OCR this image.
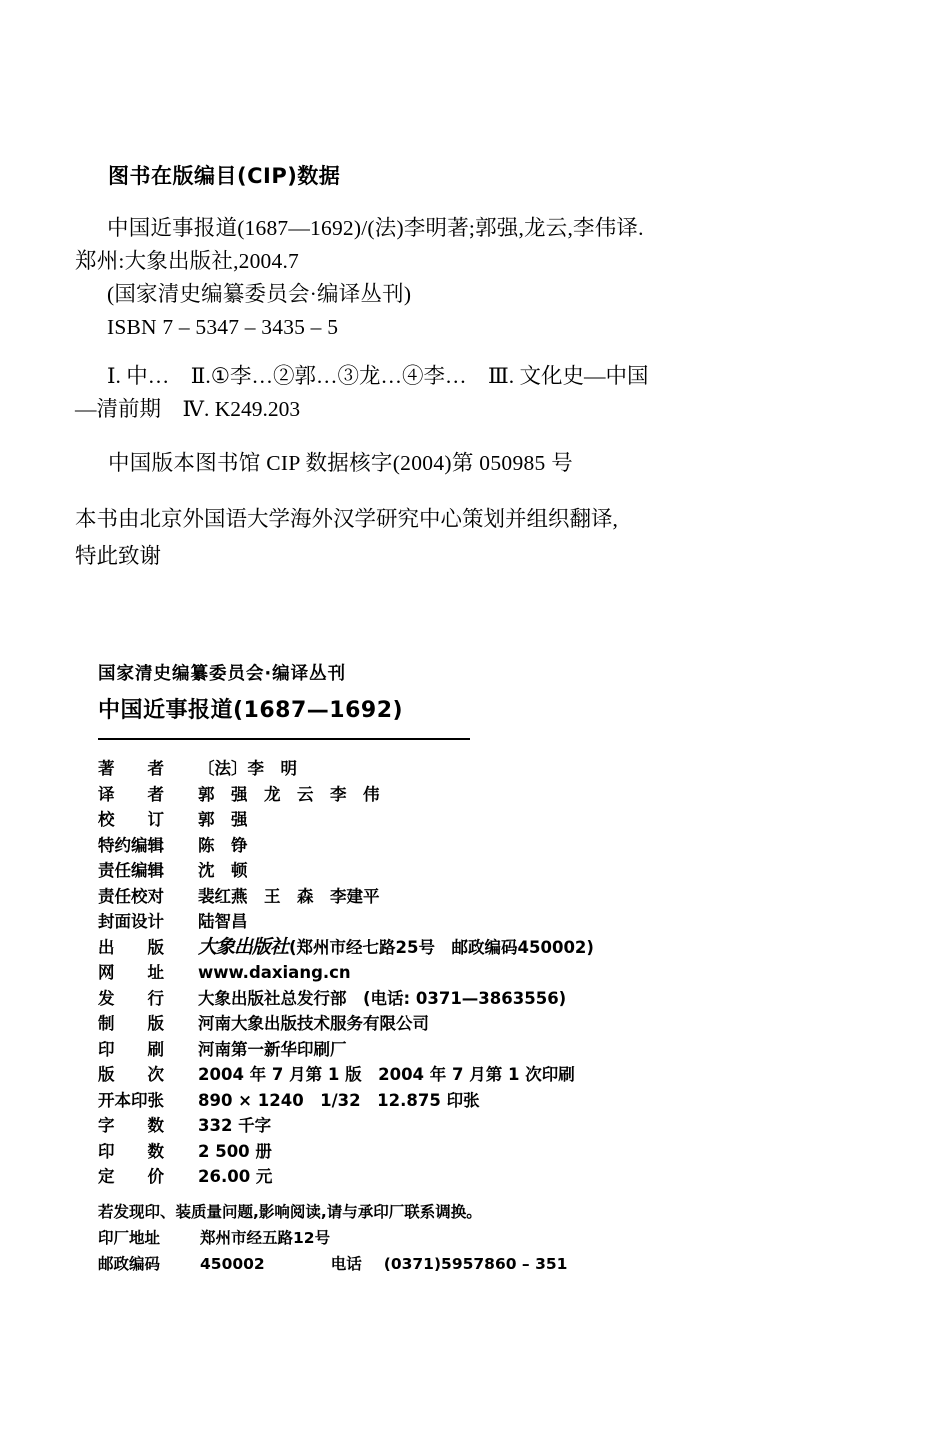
图书在版编目(CIP)数据
中国近事报道(1687—1692)/(法)李明著;郭强,龙云,李伟译.
郑州:大象出版社,2004.7
(国家清史编纂委员会·编译丛刊)
ISBN 7 – 5347 – 3435 – 5
Ⅰ. 中…　Ⅱ.①李…②郭…③龙…④李…　Ⅲ. 文化史—中国
—清前期　Ⅳ. K249.203
中国版本图书馆 CIP 数据核字(2004)第 050985 号
本书由北京外国语大学海外汉学研究中心策划并组织翻译,
特此致谢
国家清史编纂委员会·编译丛刊
中国近事报道(1687—1692)
著　　者	〔法〕李　明
译　　者	郭　强　龙　云　李　伟
校　　订	郭　强
特约编辑	陈　铮
责任编辑	沈　顿
责任校对	裴红燕　王　森　李建平
封面设计	陆智昌
出　　版	大象出版社(郑州市经七路25号　邮政编码450002)
网　　址	www.daxiang.cn
发　　行	大象出版社总发行部　(电话: 0371—3863556)
制　　版	河南大象出版技术服务有限公司
印　　刷	河南第一新华印刷厂
版　　次	2004 年 7 月第 1 版　2004 年 7 月第 1 次印刷
开本印张	890 × 1240　1/32　12.875 印张
字　　数	332 千字
印　　数	2 500 册
定　　价	26.00 元
若发现印、装质量问题,影响阅读,请与承印厂联系调换。
印厂地址	郑州市经五路12号
邮政编码	450002	电话 (0371)5957860 – 351
